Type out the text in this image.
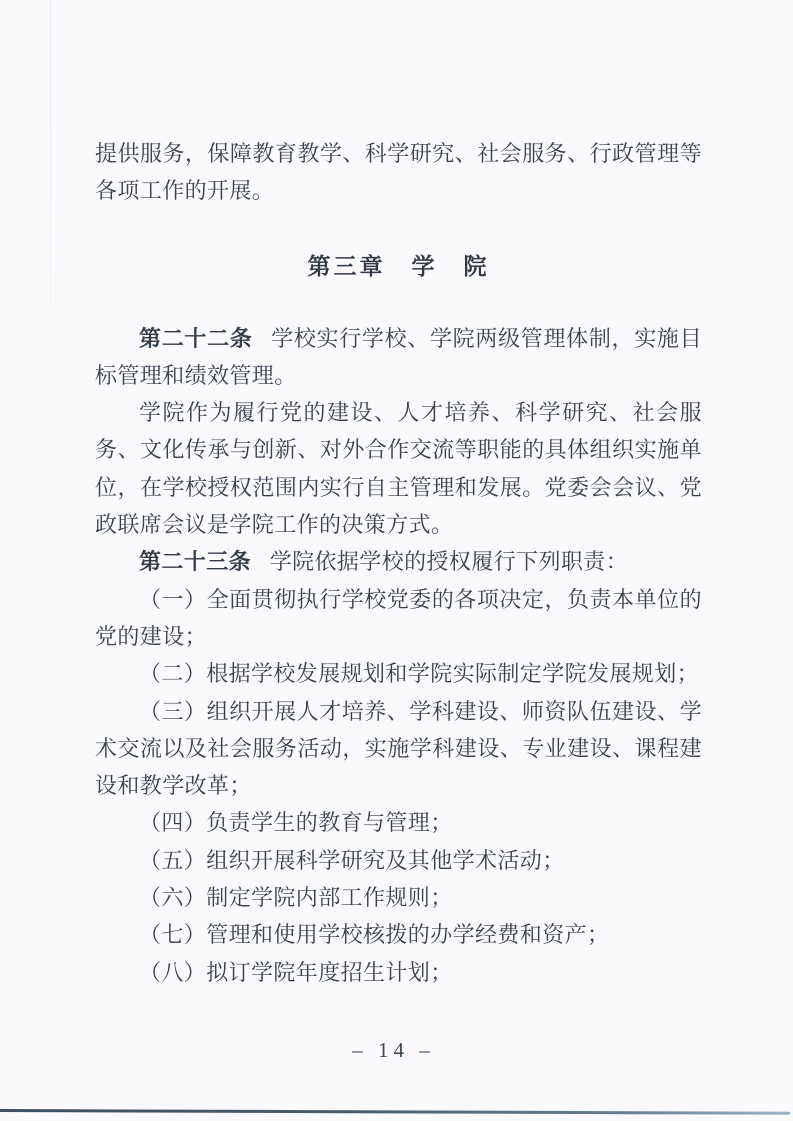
提供服务，保障教育教学、科学研究、社会服务、行政管理等各项工作的开展。

第三章　学　院

第二十二条 学校实行学校、学院两级管理体制，实施目标管理和绩效管理。

学院作为履行党的建设、人才培养、科学研究、社会服务、文化传承与创新、对外合作交流等职能的具体组织实施单位，在学校授权范围内实行自主管理和发展。党委会会议、党政联席会议是学院工作的决策方式。

第二十三条 学院依据学校的授权履行下列职责：

（一）全面贯彻执行学校党委的各项决定，负责本单位的党的建设；

（二）根据学校发展规划和学院实际制定学院发展规划；

（三）组织开展人才培养、学科建设、师资队伍建设、学术交流以及社会服务活动，实施学科建设、专业建设、课程建设和教学改革；

（四）负责学生的教育与管理；

（五）组织开展科学研究及其他学术活动；

（六）制定学院内部工作规则；

（七）管理和使用学校核拨的办学经费和资产；

（八）拟订学院年度招生计划；

– 14 –
